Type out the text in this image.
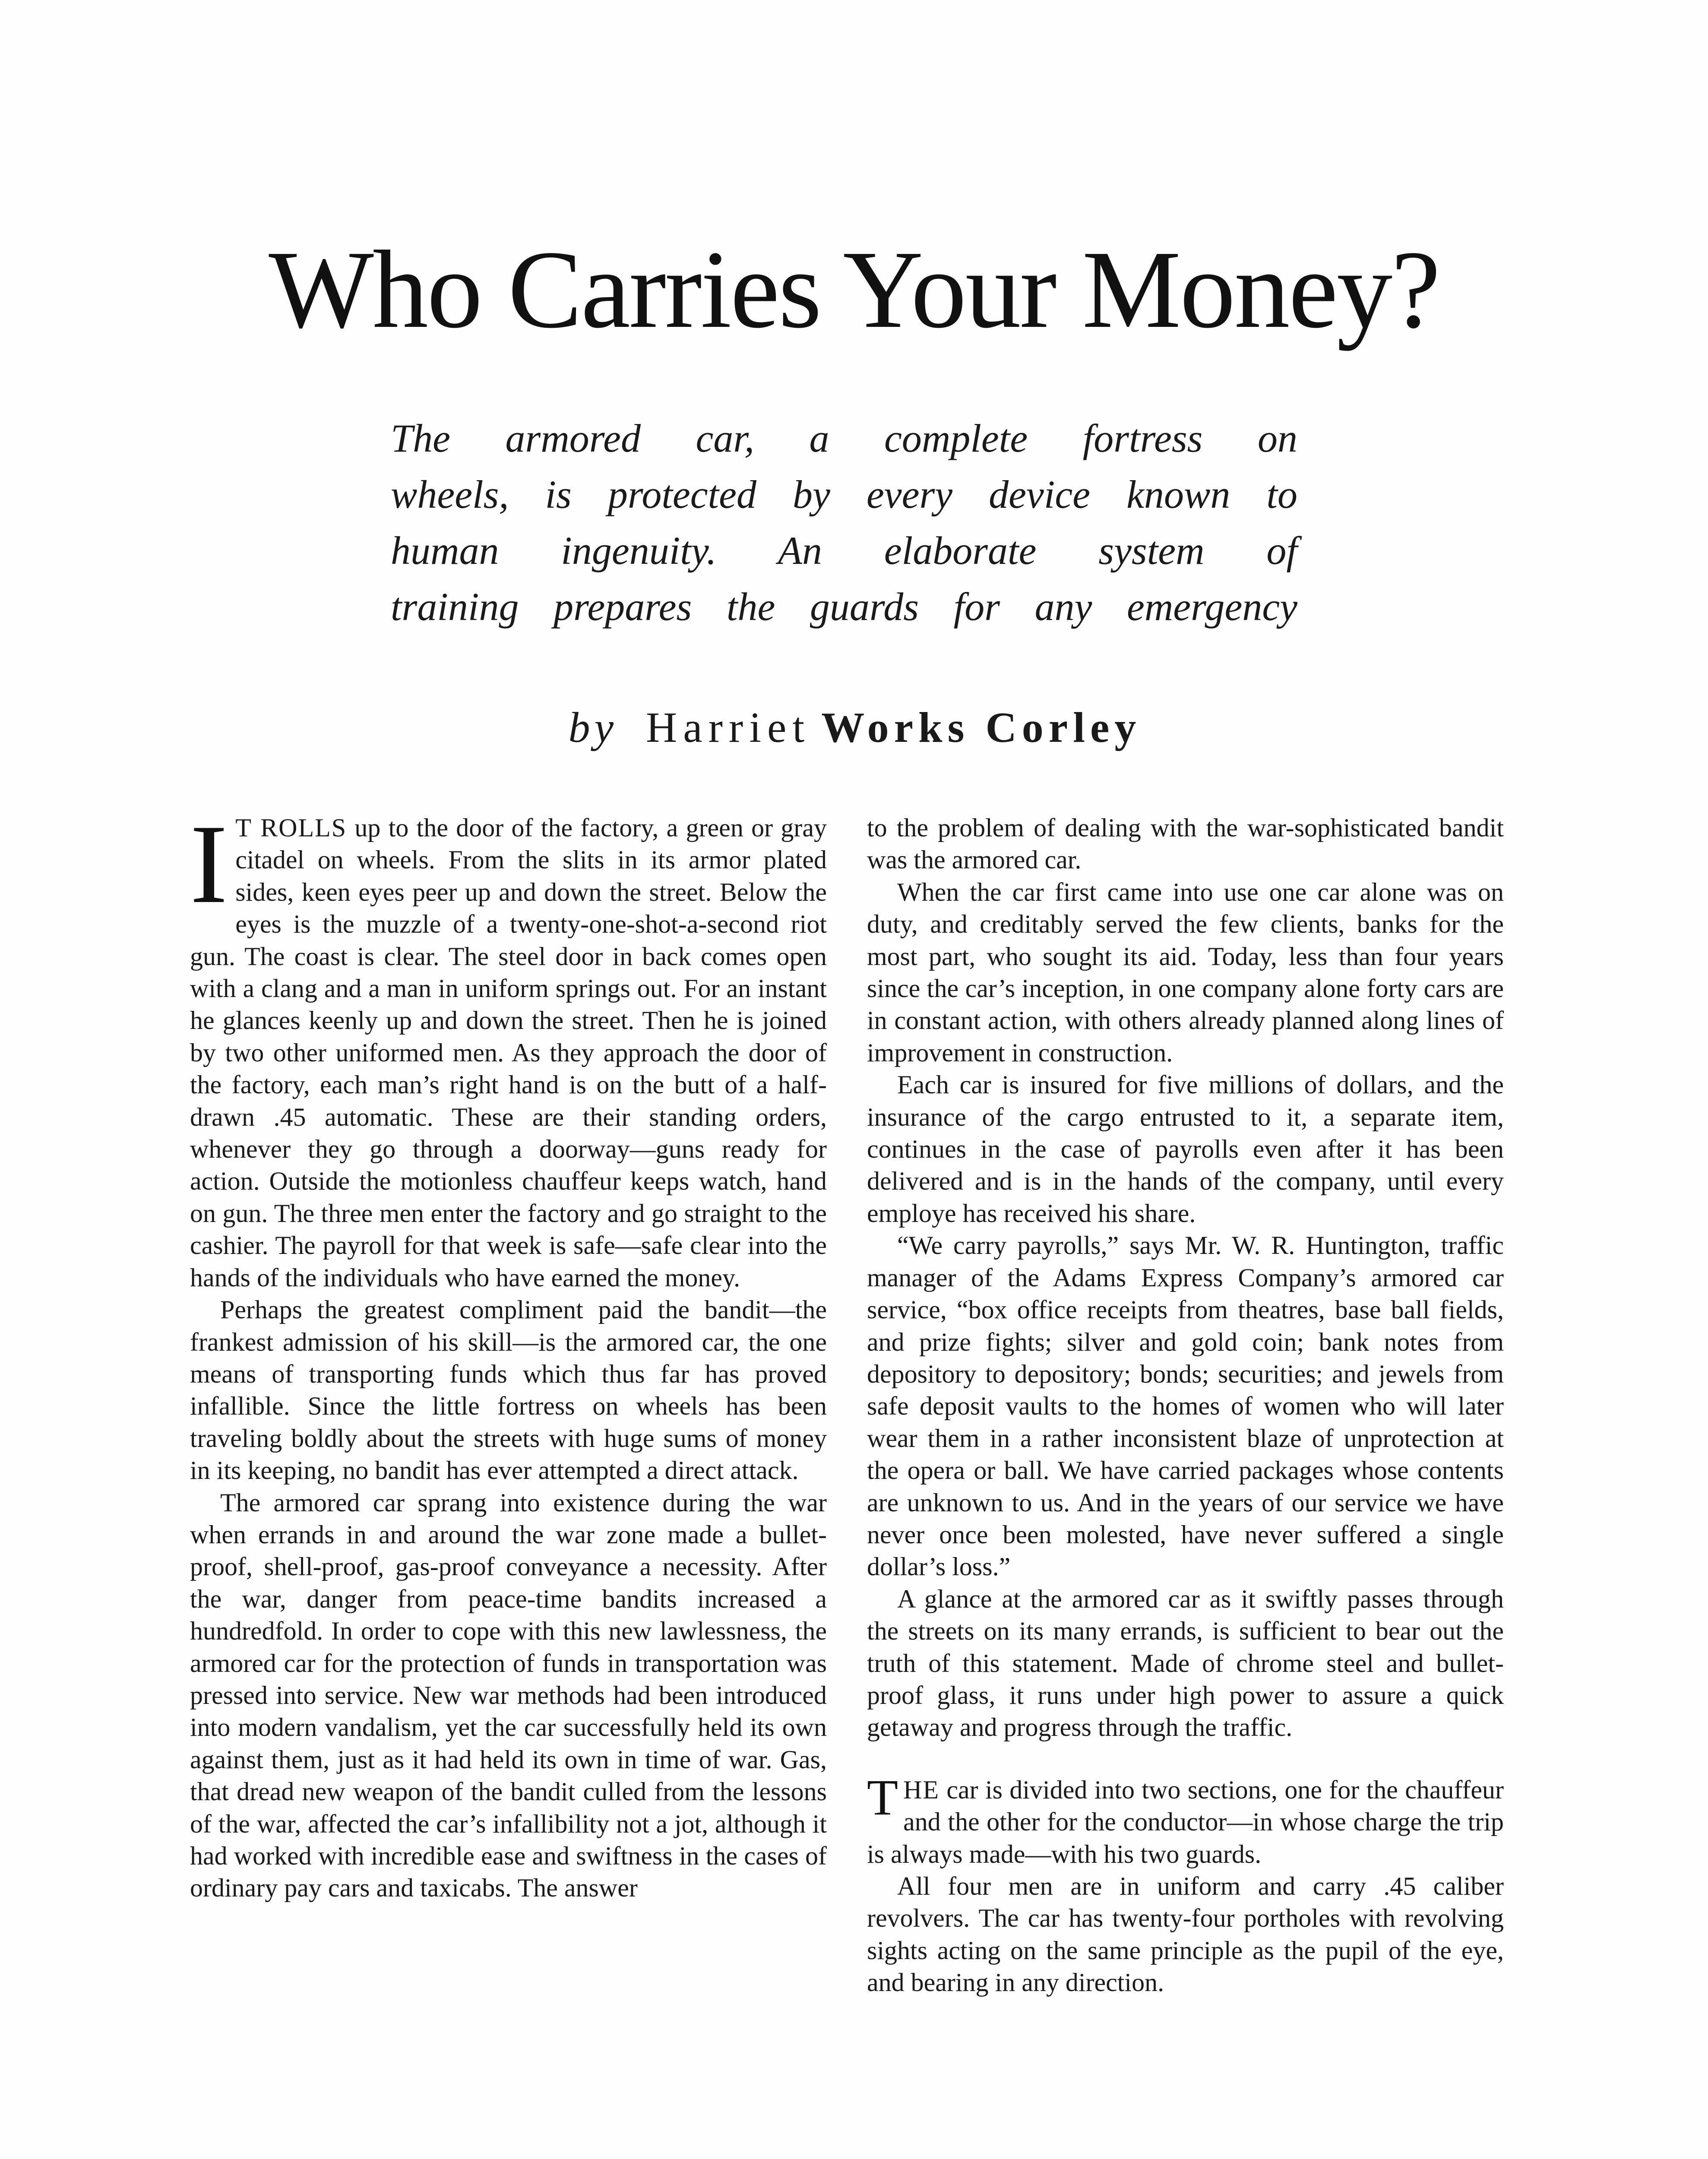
Who Carries Your Money?
The armored car, a complete fortress on
wheels, is protected by every device known to
human ingenuity. An elaborate system of
training prepares the guards for any emergency
by Harriet Works Corley

I T ROLLS up to the door of the factory, a green or gray citadel on wheels. From the slits in its armor plated sides, keen eyes peer up and down the street. Below the eyes is the muzzle of a twenty-one-shot-a-second riot gun. The coast is clear. The steel door in back comes open with a clang and a man in uniform springs out. For an instant he glances keenly up and down the street. Then he is joined by two other uniformed men. As they approach the door of the factory, each man’s right hand is on the butt of a half-drawn .45 automatic. These are their standing orders, whenever they go through a doorway—guns ready for action. Outside the motionless chauffeur keeps watch, hand on gun. The three men enter the factory and go straight to the cashier. The payroll for that week is safe—safe clear into the hands of the individuals who have earned the money.

Perhaps the greatest compliment paid the bandit—the frankest admission of his skill—is the armored car, the one means of transporting funds which thus far has proved infallible. Since the little fortress on wheels has been traveling boldly about the streets with huge sums of money in its keeping, no bandit has ever attempted a direct attack.

The armored car sprang into existence during the war when errands in and around the war zone made a bullet-proof, shell-proof, gas-proof conveyance a necessity. After the war, danger from peace-time bandits increased a hundredfold. In order to cope with this new lawlessness, the armored car for the protection of funds in transportation was pressed into service. New war methods had been introduced into modern vandalism, yet the car successfully held its own against them, just as it had held its own in time of war. Gas, that dread new weapon of the bandit culled from the lessons of the war, affected the car’s infallibility not a jot, although it had worked with incredible ease and swiftness in the cases of ordinary pay cars and taxicabs. The answer

to the problem of dealing with the war-sophisticated bandit was the armored car.

When the car first came into use one car alone was on duty, and creditably served the few clients, banks for the most part, who sought its aid. Today, less than four years since the car’s inception, in one company alone forty cars are in constant action, with others already planned along lines of improvement in construction.

Each car is insured for five millions of dollars, and the insurance of the cargo entrusted to it, a separate item, continues in the case of payrolls even after it has been delivered and is in the hands of the company, until every employe has received his share.

“We carry payrolls,” says Mr. W. R. Huntington, traffic manager of the Adams Express Company’s armored car service, “box office receipts from theatres, base ball fields, and prize fights; silver and gold coin; bank notes from depository to depository; bonds; securities; and jewels from safe deposit vaults to the homes of women who will later wear them in a rather inconsistent blaze of unprotection at the opera or ball. We have carried packages whose contents are unknown to us. And in the years of our service we have never once been molested, have never suffered a single dollar’s loss.”

A glance at the armored car as it swiftly passes through the streets on its many errands, is sufficient to bear out the truth of this statement. Made of chrome steel and bullet-proof glass, it runs under high power to assure a quick getaway and progress through the traffic.

THE car is divided into two sections, one for the chauffeur and the other for the conductor—in whose charge the trip is always made—with his two guards.

All four men are in uniform and carry .45 caliber revolvers. The car has twenty-four portholes with revolving sights acting on the same principle as the pupil of the eye, and bearing in any direction.
